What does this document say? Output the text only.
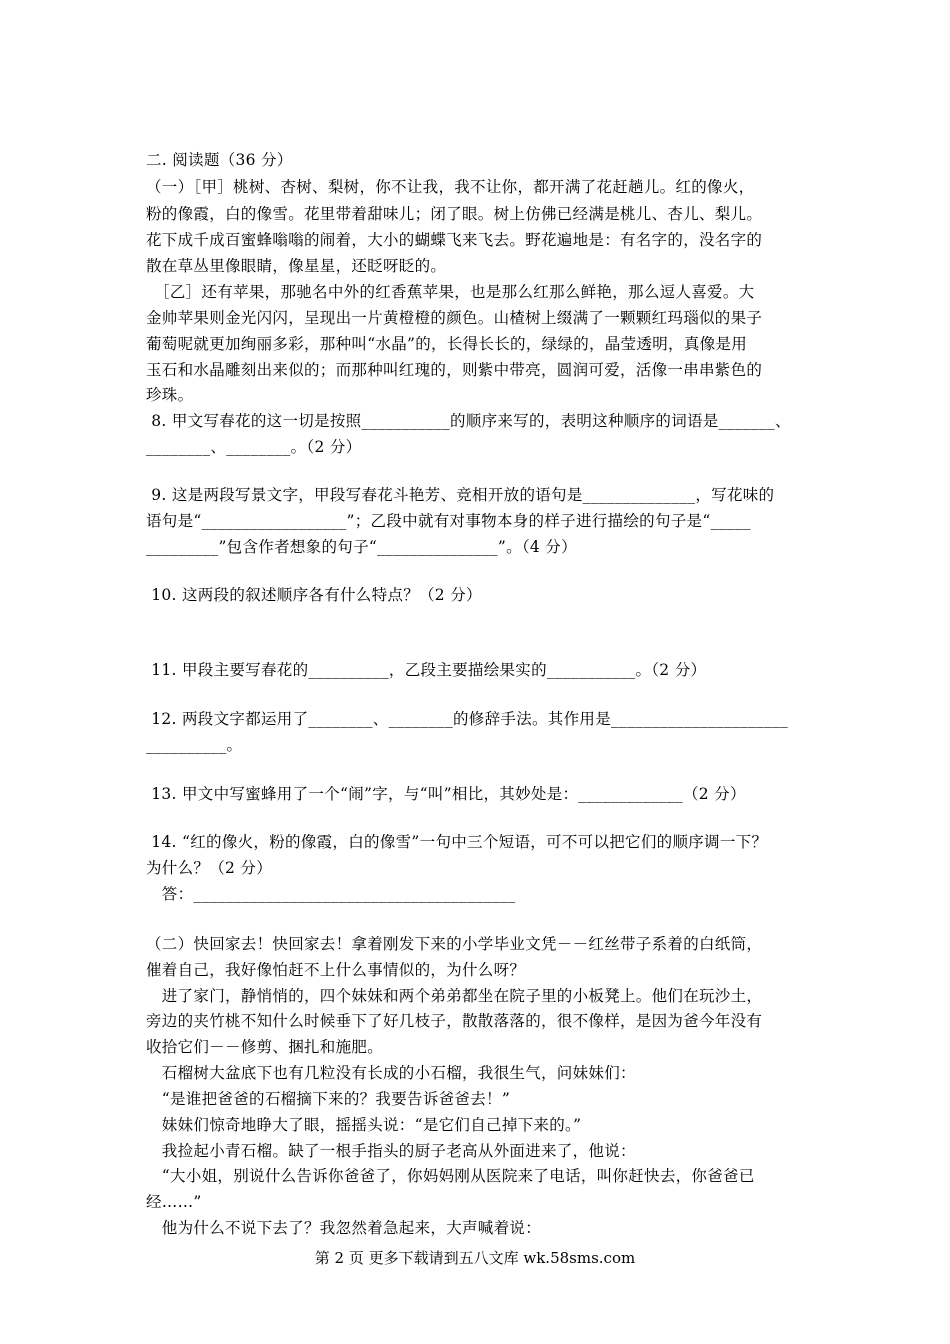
二. 阅读题（36 分）
（一）［甲］桃树、杏树、梨树，你不让我，我不让你，都开满了花赶趟儿。红的像火，
粉的像霞，白的像雪。花里带着甜味儿；闭了眼。树上仿佛已经满是桃儿、杏儿、梨儿。
花下成千成百蜜蜂嗡嗡的闹着，大小的蝴蝶飞来飞去。野花遍地是：有名字的，没名字的
散在草丛里像眼睛，像星星，还眨呀眨的。
　［乙］还有苹果，那驰名中外的红香蕉苹果，也是那么红那么鲜艳，那么逗人喜爱。大
金帅苹果则金光闪闪，呈现出一片黄橙橙的颜色。山楂树上缀满了一颗颗红玛瑙似的果子
葡萄呢就更加绚丽多彩，那种叫“水晶”的，长得长长的，绿绿的，晶莹透明，真像是用
玉石和水晶雕刻出来似的；而那种叫红瑰的，则紫中带亮，圆润可爱，活像一串串紫色的
珍珠。
8. 甲文写春花的这一切是按照___________的顺序来写的，表明这种顺序的词语是_______、
________、________。（2 分）
9. 这是两段写景文字，甲段写春花斗艳芳、竞相开放的语句是______________，写花味的
语句是“__________________”；乙段中就有对事物本身的样子进行描绘的句子是“_____
_________”包含作者想象的句子“_______________”。（4 分）
10. 这两段的叙述顺序各有什么特点？（2 分）
11. 甲段主要写春花的__________，乙段主要描绘果实的___________。（2 分）
12. 两段文字都运用了________、________的修辞手法。其作用是______________________
__________。
13. 甲文中写蜜蜂用了一个“闹”字，与“叫”相比，其妙处是：_____________（2 分）
14. “红的像火，粉的像霞，白的像雪”一句中三个短语，可不可以把它们的顺序调一下？
为什么？（2 分）
　答：________________________________________
（二）快回家去！快回家去！拿着刚发下来的小学毕业文凭－－红丝带子系着的白纸筒，
催着自己，我好像怕赶不上什么事情似的，为什么呀？
　进了家门，静悄悄的，四个妹妹和两个弟弟都坐在院子里的小板凳上。他们在玩沙土，
旁边的夹竹桃不知什么时候垂下了好几枝子，散散落落的，很不像样，是因为爸今年没有
收拾它们－－修剪、捆扎和施肥。
　石榴树大盆底下也有几粒没有长成的小石榴，我很生气，问妹妹们：
　“是谁把爸爸的石榴摘下来的？我要告诉爸爸去！”
　妹妹们惊奇地睁大了眼，摇摇头说：“是它们自己掉下来的。”
　我捡起小青石榴。缺了一根手指头的厨子老高从外面进来了，他说：
　“大小姐，别说什么告诉你爸爸了，你妈妈刚从医院来了电话，叫你赶快去，你爸爸已
经……”
　他为什么不说下去了？我忽然着急起来，大声喊着说：
第 2 页 更多下载请到五八文库 wk.58sms.com
